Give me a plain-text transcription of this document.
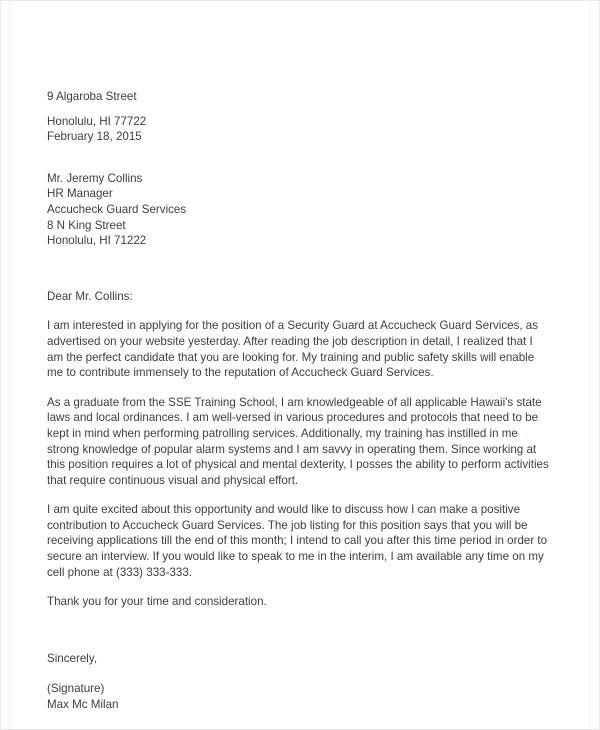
9 Algaroba Street
Honolulu, HI 77722
February 18, 2015
Mr. Jeremy Collins
HR Manager
Accucheck Guard Services
8 N King Street
Honolulu, HI 71222
Dear Mr. Collins:

I am interested in applying for the position of a Security Guard at Accucheck Guard Services, as advertised on your website yesterday. After reading the job description in detail, I realized that I am the perfect candidate that you are looking for. My training and public safety skills will enable me to contribute immensely to the reputation of Accucheck Guard Services.

As a graduate from the SSE Training School, I am knowledgeable of all applicable Hawaii's state laws and local ordinances. I am well-versed in various procedures and protocols that need to be kept in mind when performing patrolling services. Additionally, my training has instilled in me strong knowledge of popular alarm systems and I am savvy in operating them. Since working at this position requires a lot of physical and mental dexterity, I posses the ability to perform activities that require continuous visual and physical effort.

I am quite excited about this opportunity and would like to discuss how I can make a positive contribution to Accucheck Guard Services. The job listing for this position says that you will be receiving applications till the end of this month; I intend to call you after this time period in order to secure an interview. If you would like to speak to me in the interim, I am available any time on my cell phone at (333) 333-333.

Thank you for your time and consideration.
Sincerely,
(Signature)
Max Mc Milan
